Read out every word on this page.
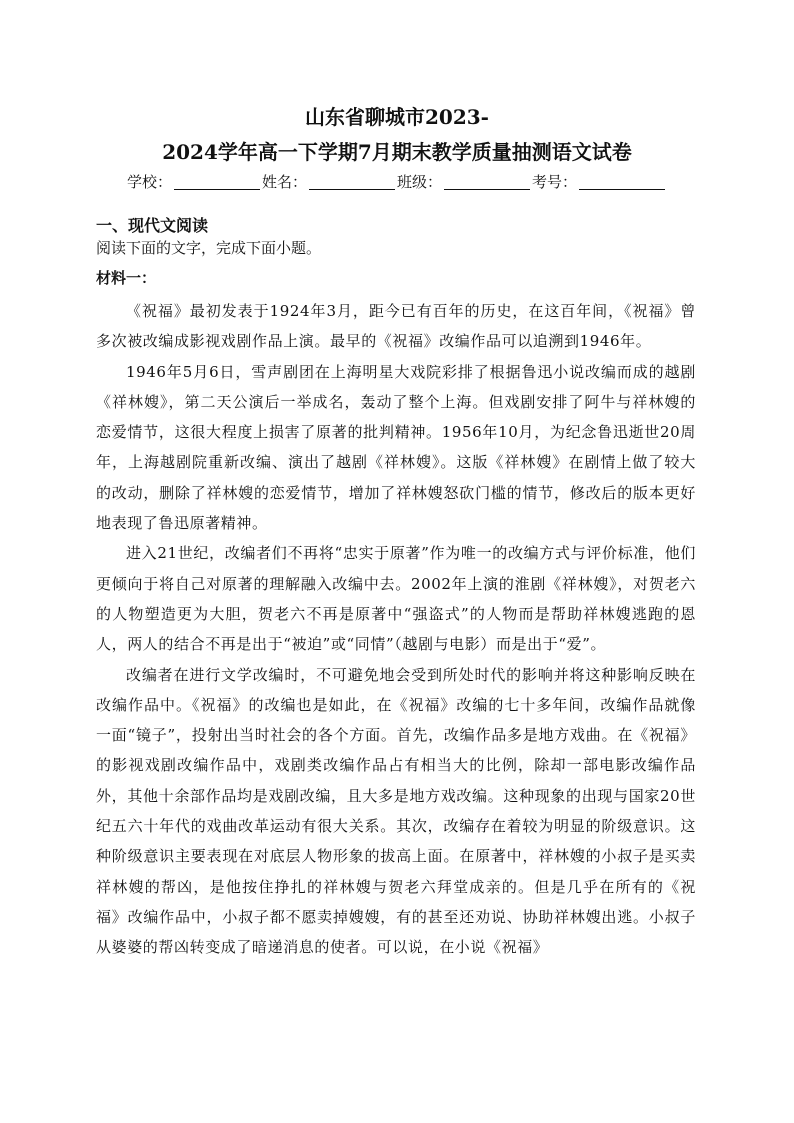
山东省聊城市2023-
2024学年高一下学期7月期末教学质量抽测语文试卷
学校：	姓名：	班级：	考号：
一、现代文阅读
阅读下面的文字，完成下面小题。
材料一：

《祝福》最初发表于1924年3月，距今已有百年的历史，在这百年间，《祝福》曾多次被改编成影视戏剧作品上演。最早的《祝福》改编作品可以追溯到1946年。

1946年5月6日，雪声剧团在上海明星大戏院彩排了根据鲁迅小说改编而成的越剧《祥林嫂》，第二天公演后一举成名，轰动了整个上海。但戏剧安排了阿牛与祥林嫂的恋爱情节，这很大程度上损害了原著的批判精神。1956年10月，为纪念鲁迅逝世20周年，上海越剧院重新改编、演出了越剧《祥林嫂》。这版《祥林嫂》在剧情上做了较大的改动，删除了祥林嫂的恋爱情节，增加了祥林嫂怒砍门槛的情节，修改后的版本更好地表现了鲁迅原著精神。

进入21世纪，改编者们不再将“忠实于原著”作为唯一的改编方式与评价标准，他们更倾向于将自己对原著的理解融入改编中去。2002年上演的淮剧《祥林嫂》，对贺老六的人物塑造更为大胆，贺老六不再是原著中“强盗式”的人物而是帮助祥林嫂逃跑的恩人，两人的结合不再是出于“被迫”或“同情”（越剧与电影）而是出于“爱”。

改编者在进行文学改编时，不可避免地会受到所处时代的影响并将这种影响反映在改编作品中。《祝福》的改编也是如此，在《祝福》改编的七十多年间，改编作品就像一面“镜子”，投射出当时社会的各个方面。首先，改编作品多是地方戏曲。在《祝福》的影视戏剧改编作品中，戏剧类改编作品占有相当大的比例，除却一部电影改编作品外，其他十余部作品均是戏剧改编，且大多是地方戏改编。这种现象的出现与国家20世纪五六十年代的戏曲改革运动有很大关系。其次，改编存在着较为明显的阶级意识。这种阶级意识主要表现在对底层人物形象的拔高上面。在原著中，祥林嫂的小叔子是买卖祥林嫂的帮凶，是他按住挣扎的祥林嫂与贺老六拜堂成亲的。但是几乎在所有的《祝福》改编作品中，小叔子都不愿卖掉嫂嫂，有的甚至还劝说、协助祥林嫂出逃。小叔子从婆婆的帮凶转变成了暗递消息的使者。可以说，在小说《祝福》
